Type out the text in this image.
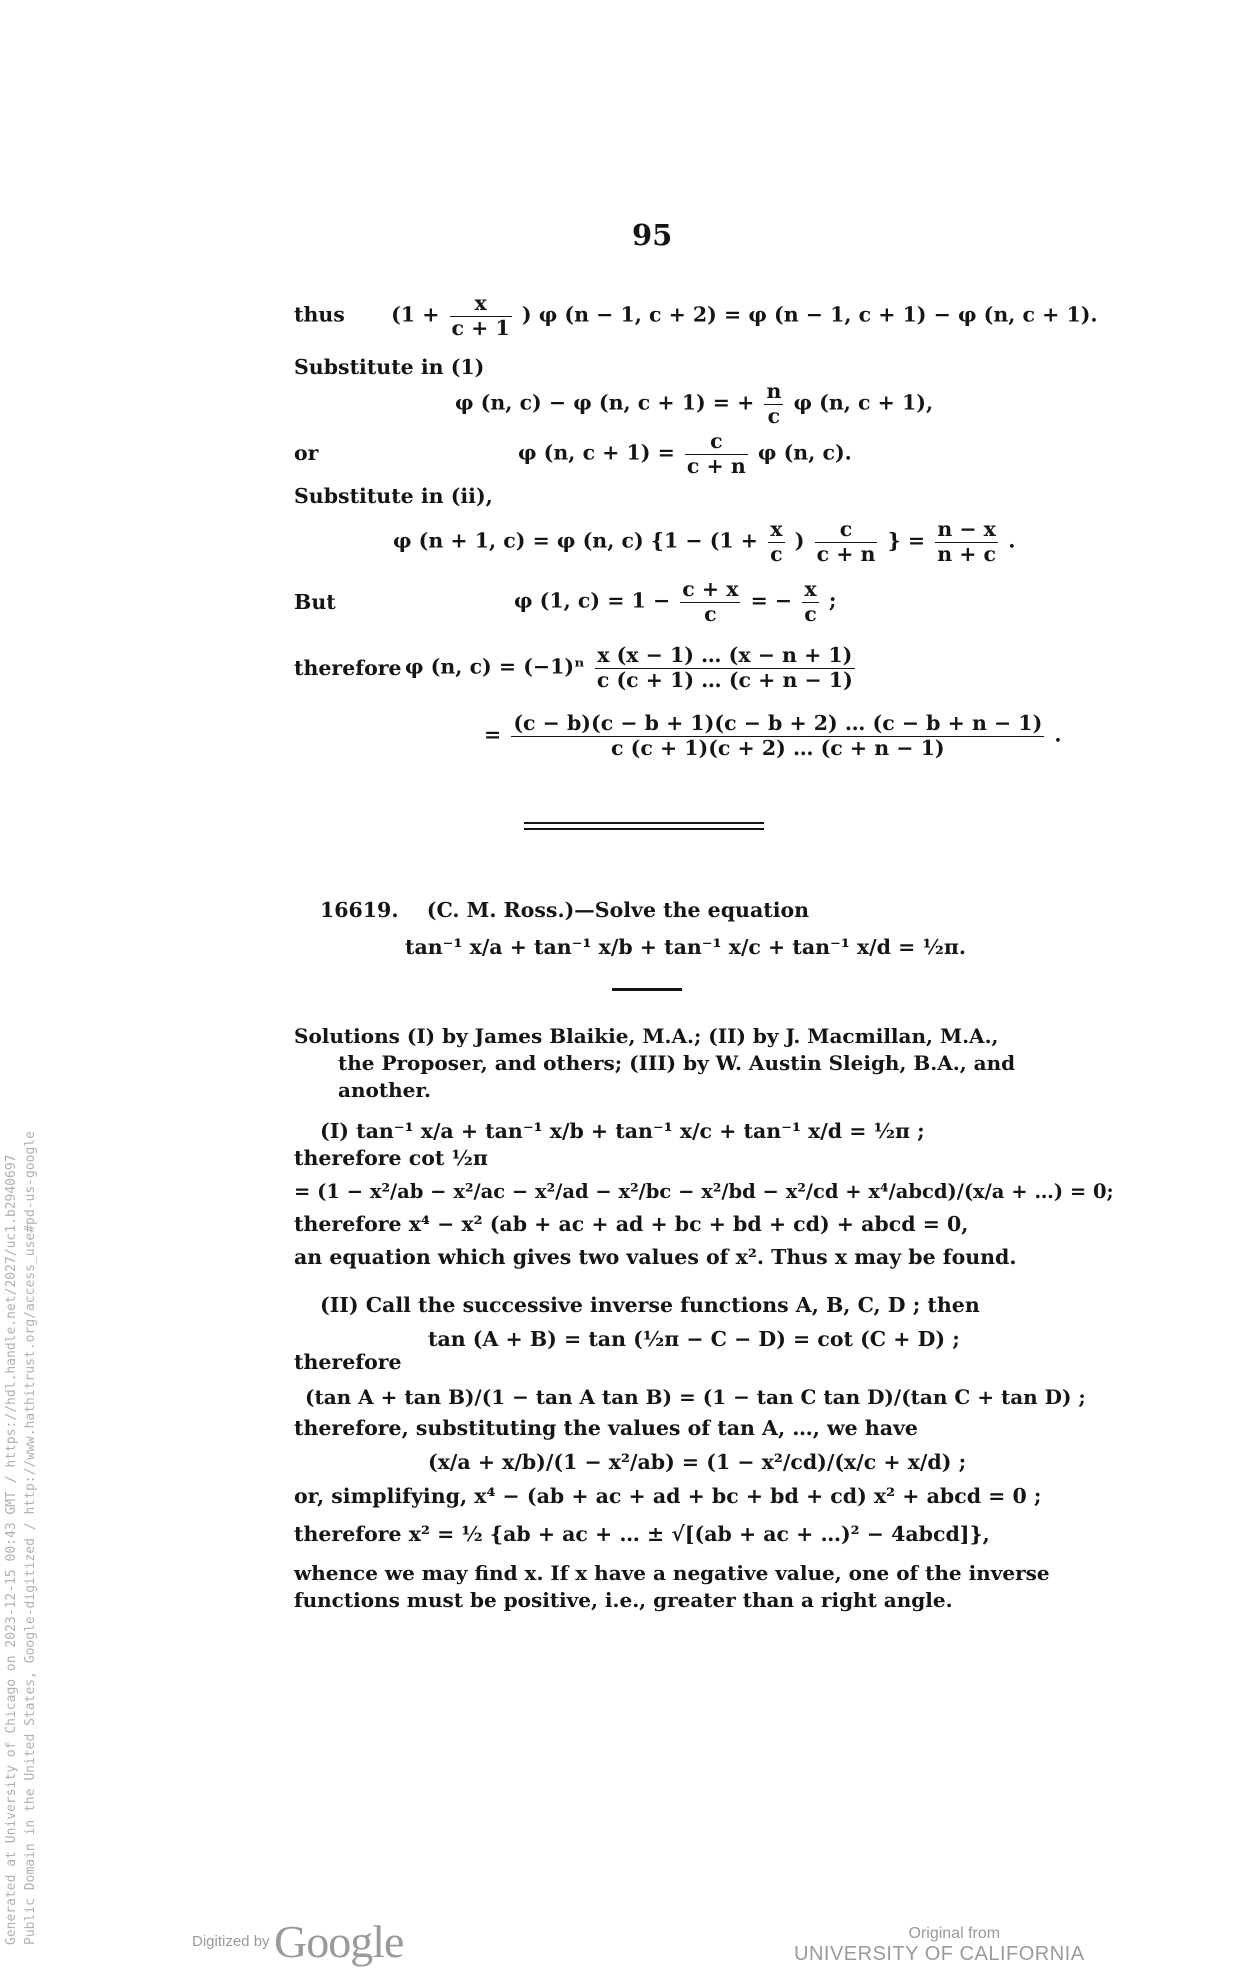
Generated at University of Chicago on 2023-12-15 00:43 GMT / https://hdl.handle.net/2027/uc1.b2940697 Public Domain in the United States, Google-digitized / http://www.hathitrust.org/access_use#pd-us-google
95
thus ($1 + \frac{x}{c + 1}$ ) φ (n − 1, c + 2) = φ (n − 1, c + 1) − φ (n, c + 1).
Substitute in (1)
φ (n, c) − φ (n, c + 1) = + $\frac{n}{c}$ φ (n, c + 1),
or	φ (n, $c + 1) = \frac{c}{c + n}$ φ (n, c).
Substitute in (ii),
φ (n + 1, c) = φ (n, c) {$1 - (1 + \frac{x}{c}$ ) $\frac{c}{c + n}$ } = $\frac{n - x}{n + c}$ .
But	φ (1, $c) = 1 - \frac{c + x}{c}$ = − $\frac{x}{c}$ ;
therefore φ (n, $c) = (-1)^n \frac{x (x - 1) \dots (x - n + 1)}{c (c + 1) \dots (c + n - 1)}$
= $\frac{(c - b)(c - b + 1)(c - b + 2) \dots (c - b + n - 1)}{c (c + 1)(c + 2) \dots (c + n - 1)}$ .
16619. (C. M. Ross.)—Solve the equation
tan⁻¹ x/a + tan⁻¹ x/b + tan⁻¹ x/c + tan⁻¹ x/d = ½π.
Solutions (I) by James Blaikie, M.A.; (II) by J. Macmillan, M.A.,
the Proposer, and others; (III) by W. Austin Sleigh, B.A., and
another.
(I) tan⁻¹ x/a + tan⁻¹ x/b + tan⁻¹ x/c + tan⁻¹ x/d = ½π ;
therefore cot ½π
= (1 − x²/ab − x²/ac − x²/ad − x²/bc − x²/bd − x²/cd + x⁴/abcd)/(x/a + …) = 0;
therefore x⁴ − x² (ab + ac + ad + bc + bd + cd) + abcd = 0,
an equation which gives two values of x². Thus x may be found.
(II) Call the successive inverse functions A, B, C, D ; then
tan (A + B) = tan (½π − C − D) = cot (C + D) ;
therefore
(tan A + tan B)/(1 − tan A tan B) = (1 − tan C tan D)/(tan C + tan D) ;
therefore, substituting the values of tan A, …, we have
(x/a + x/b)/(1 − x²/ab) = (1 − x²/cd)/(x/c + x/d) ;
or, simplifying, x⁴ − (ab + ac + ad + bc + bd + cd) x² + abcd = 0 ;
therefore x² = ½ {ab + ac + … ± √[(ab + ac + …)² − 4abcd]},
whence we may find x. If x have a negative value, one of the inverse
functions must be positive, i.e., greater than a right angle.
Digitized by Google	Original from
UNIVERSITY OF CALIFORNIA
